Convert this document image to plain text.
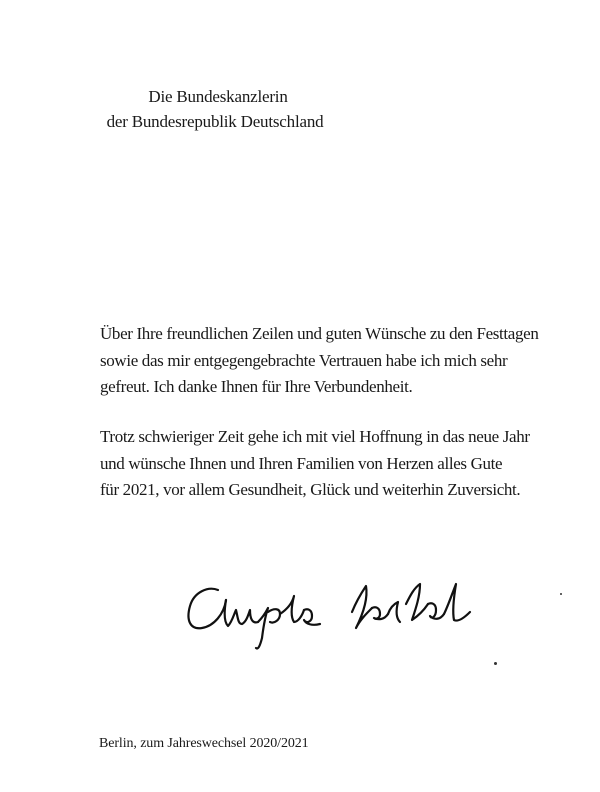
Die Bundeskanzlerin
der Bundesrepublik Deutschland

Über Ihre freundlichen Zeilen und guten Wünsche zu den Festtagen
sowie das mir entgegengebrachte Vertrauen habe ich mich sehr
gefreut. Ich danke Ihnen für Ihre Verbundenheit.

Trotz schwieriger Zeit gehe ich mit viel Hoffnung in das neue Jahr
und wünsche Ihnen und Ihren Familien von Herzen alles Gute
für 2021, vor allem Gesundheit, Glück und weiterhin Zuversicht.

Berlin, zum Jahreswechsel 2020/2021
